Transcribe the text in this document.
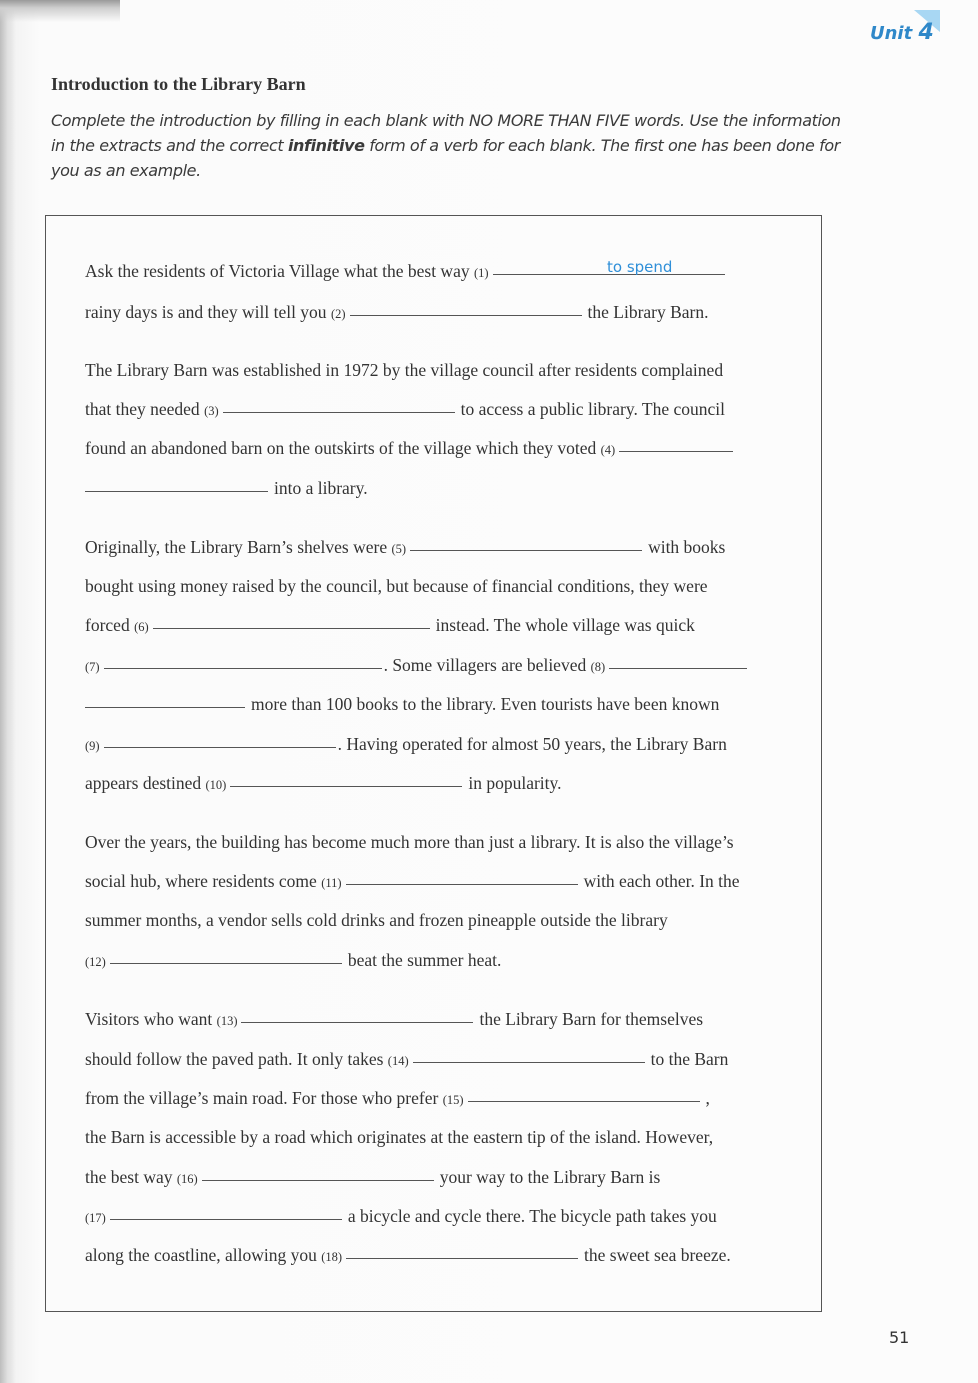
Unit 4
Introduction to the Library Barn
Complete the introduction by filling in each blank with NO MORE THAN FIVE words. Use the information in the extracts and the correct infinitive form of a verb for each blank. The first one has been done for you as an example.
Ask the residents of Victoria Village what the best way (1)	to spend
rainy days is and they will tell you (2)	the Library Barn.
The Library Barn was established in 1972 by the village council after residents complained
that they needed (3)	to access a public library. The council
found an abandoned barn on the outskirts of the village which they voted (4)
into a library.
Originally, the Library Barn’s shelves were (5)	with books
bought using money raised by the council, but because of financial conditions, they were
forced (6)	instead. The whole village was quick
(7)	. Some villagers are believed (8)
more than 100 books to the library. Even tourists have been known
(9)	. Having operated for almost 50 years, the Library Barn
appears destined (10)	in popularity.
Over the years, the building has become much more than just a library. It is also the village’s
social hub, where residents come (11)	with each other. In the
summer months, a vendor sells cold drinks and frozen pineapple outside the library
(12)	beat the summer heat.
Visitors who want (13)	the Library Barn for themselves
should follow the paved path. It only takes (14)	to the Barn
from the village’s main road. For those who prefer (15)	,
the Barn is accessible by a road which originates at the eastern tip of the island. However,
the best way (16)	your way to the Library Barn is
(17)	a bicycle and cycle there. The bicycle path takes you
along the coastline, allowing you (18)	the sweet sea breeze.
51
